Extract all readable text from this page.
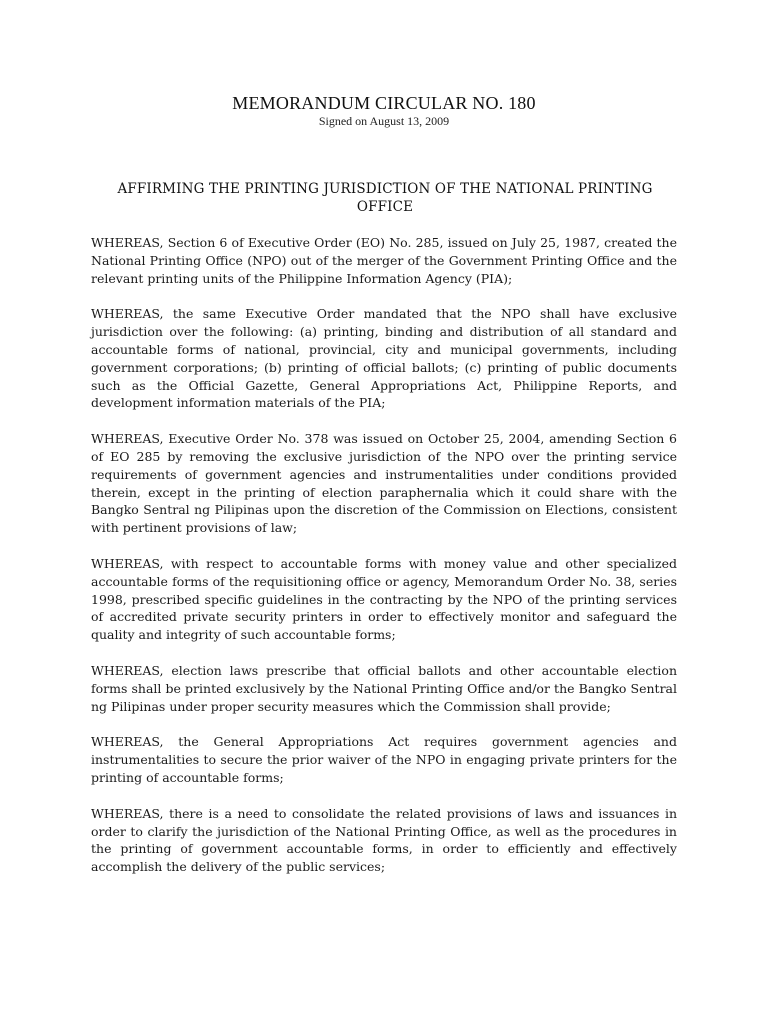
MEMORANDUM CIRCULAR NO. 180

Signed on August 13, 2009

AFFIRMING THE PRINTING JURISDICTION OF THE NATIONAL PRINTING OFFICE

WHEREAS, Section 6 of Executive Order (EO) No. 285, issued on July 25, 1987, created the National Printing Office (NPO) out of the merger of the Government Printing Office and the relevant printing units of the Philippine Information Agency (PIA);

WHEREAS, the same Executive Order mandated that the NPO shall have exclusive jurisdiction over the following: (a) printing, binding and distribution of all standard and accountable forms of national, provincial, city and municipal governments, including government corporations; (b) printing of official ballots; (c) printing of public documents such as the Official Gazette, General Appropriations Act, Philippine Reports, and development information materials of the PIA;

WHEREAS, Executive Order No. 378 was issued on October 25, 2004, amending Section 6 of EO 285 by removing the exclusive jurisdiction of the NPO over the printing service requirements of government agencies and instrumentalities under conditions provided therein, except in the printing of election paraphernalia which it could share with the Bangko Sentral ng Pilipinas upon the discretion of the Commission on Elections, consistent with pertinent provisions of law;

WHEREAS, with respect to accountable forms with money value and other specialized accountable forms of the requisitioning office or agency, Memorandum Order No. 38, series 1998, prescribed specific guidelines in the contracting by the NPO of the printing services of accredited private security printers in order to effectively monitor and safeguard the quality and integrity of such accountable forms;

WHEREAS, election laws prescribe that official ballots and other accountable election forms shall be printed exclusively by the National Printing Office and/or the Bangko Sentral ng Pilipinas under proper security measures which the Commission shall provide;

WHEREAS, the General Appropriations Act requires government agencies and instrumentalities to secure the prior waiver of the NPO in engaging private printers for the printing of accountable forms;

WHEREAS, there is a need to consolidate the related provisions of laws and issuances in order to clarify the jurisdiction of the National Printing Office, as well as the procedures in the printing of government accountable forms, in order to efficiently and effectively accomplish the delivery of the public services;
